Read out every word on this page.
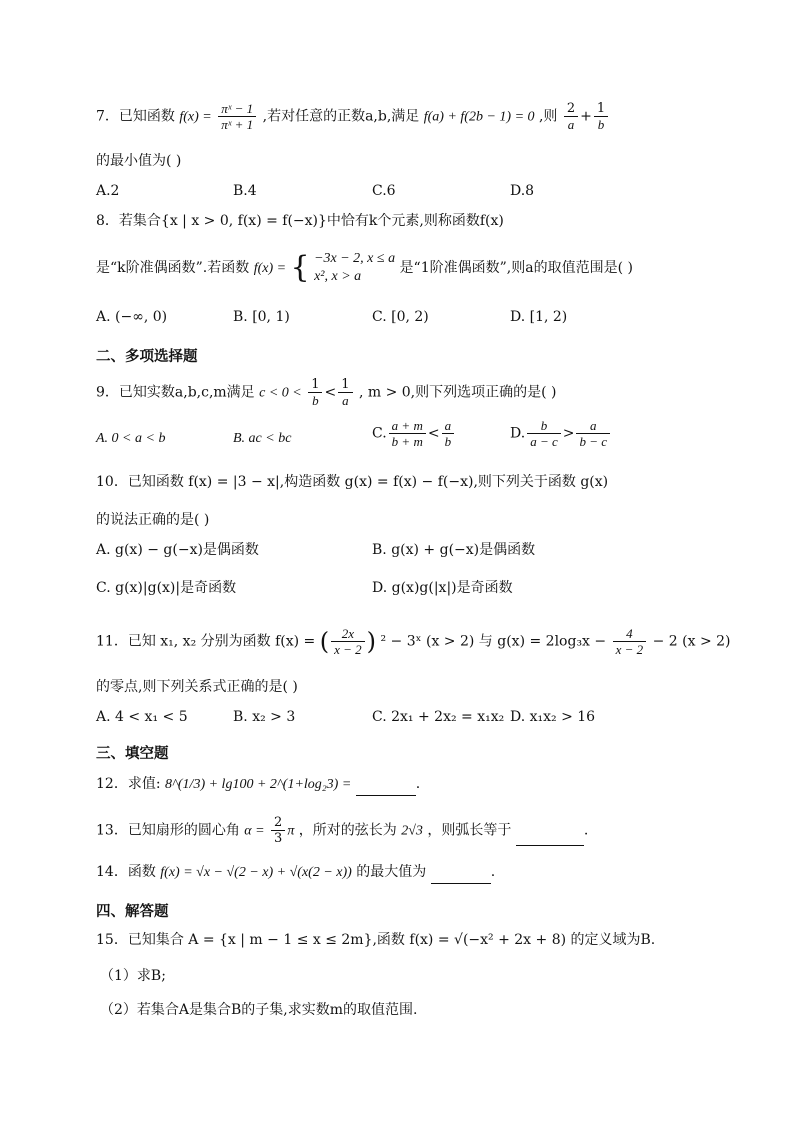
7．已知函数 $f(x) = \frac{\text{πˣ − 1}}{\text{πˣ + 1}}$ ,若对任意的正数a,b,满足 f(a) + f(2b − 1) = 0 ,则 $\frac{2}{a} + \frac{1}{b}$
的最小值为( )
A.2	B.4	C.6	D.8
8．若集合{x | x > 0, f(x) = f(−x)}中恰有k个元素,则称函数f(x)
是“k阶准偶函数”.若函数 f(x) = { −3x − 2, x ≤ a
x², x > a
是“1阶准偶函数”,则a的取值范围是( )
A. (−∞, 0)	B. [0, 1)	C. [0, 2)	D. [1, 2)
二、多项选择题
9．已知实数a,b,c,m满足 $c < 0 < \frac{1}{b} < \frac{1}{a}$ , m > 0,则下列选项正确的是( )
A. 0 < a < b	B. ac < bc	C. $\frac{a + m}{b + m} < \frac{a}{b}$	D. $\frac{b}{a - c} > \frac{a}{b - c}$
10．已知函数 f(x) = |3 − x|,构造函数 g(x) = f(x) − f(−x),则下列关于函数 g(x)
的说法正确的是( )
A. g(x) − g(−x)是偶函数	B. g(x) + g(−x)是偶函数
C. g(x)|g(x)|是奇函数	D. g(x)g(|x|)是奇函数
11．已知 x₁, x₂ 分别为函数 f(x) = ( $\frac{2x}{x - 2}$ ) ² − 3ˣ (x > 2) 与 $g(x) = 2\log_3x - \frac{4}{x - 2} - 2$ (x > 2)
的零点,则下列关系式正确的是( )
A. 4 < x₁ < 5	B. x₂ > 3	C. 2x₁ + 2x₂ = x₁x₂ D. x₁x₂ > 16
三、填空题
12．求值: 8^(1/3) + lg100 + 2^(1+log₂3) =	.
13．已知扇形的圆心角 $\alpha = \frac{2}{3}$ π ，所对的弦长为 2√3 ，则弧长等于	.
14．函数 f(x) = √x − √(2 − x) + √(x(2 − x)) 的最大值为	.
四、解答题
15．已知集合 A = {x | m − 1 ≤ x ≤ 2m},函数 f(x) = √(−x² + 2x + 8) 的定义域为B.
（1）求B;
（2）若集合A是集合B的子集,求实数m的取值范围.
